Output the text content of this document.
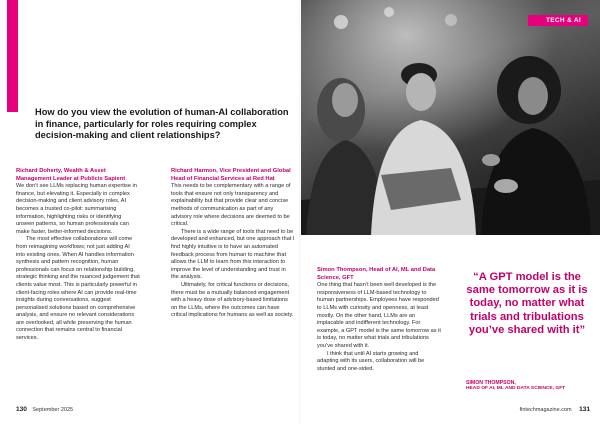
How do you view the evolution of human-AI collaboration in finance, particularly for roles requiring complex decision-making and client relationships?

Richard Doherty, Wealth & Asset Management Leader at Publicis Sapient

We don’t see LLMs replacing human expertise in finance, but elevating it. Especially in complex decision-making and client advisory roles, AI becomes a trusted co-pilot: summarising information, highlighting risks or identifying unseen patterns, so human professionals can make faster, better-informed decisions.

The most effective collaborations will come from reimagining workflows; not just adding AI into existing ones. When AI handles information synthesis and pattern recognition, human professionals can focus on relationship building, strategic thinking and the nuanced judgement that clients value most. This is particularly powerful in client-facing roles where AI can provide real-time insights during conversations, suggest personalised solutions based on comprehensive analysis, and ensure no relevant considerations are overlooked, all while preserving the human connection that remains central to financial services.

Richard Harmon, Vice President and Global Head of Financial Services at Red Hat

This needs to be complementary with a range of tools that ensure not only transparency and explainability but that provide clear and concise methods of communication as part of any advisory role where decisions are deemed to be critical.

There is a wide range of tools that need to be developed and enhanced, but one approach that I find highly intuitive is to have an automated feedback process from human to machine that allows the LLM to learn from this interaction to improve the level of understanding and trust in the analysis.

Ultimately, for critical functions or decisions, there must be a mutually balanced engagement with a heavy dose of advisory-based limitations on the LLMs, where the outcomes can have critical implications for humans as well as society.

130 September 2025
TECH & AI

Simon Thompson, Head of AI, ML and Data Science, GFT

One thing that hasn’t been well developed is the responsiveness of LLM-based technology to human partnerships. Employees have responded to LLMs with curiosity and openness, at least mostly. On the other hand, LLMs are an implacable and indifferent technology. For example, a GPT model is the same tomorrow as it is today, no matter what trials and tribulations you’ve shared with it.

I think that until AI starts growing and adapting with its users, collaboration will be stunted and one-sided.

“A GPT model is the same tomorrow as it is today, no matter what trials and tribulations you’ve shared with it”
SIMON THOMPSON,
HEAD OF AI, ML AND DATA SCIENCE, GFT
fintechmagazine.com 131
